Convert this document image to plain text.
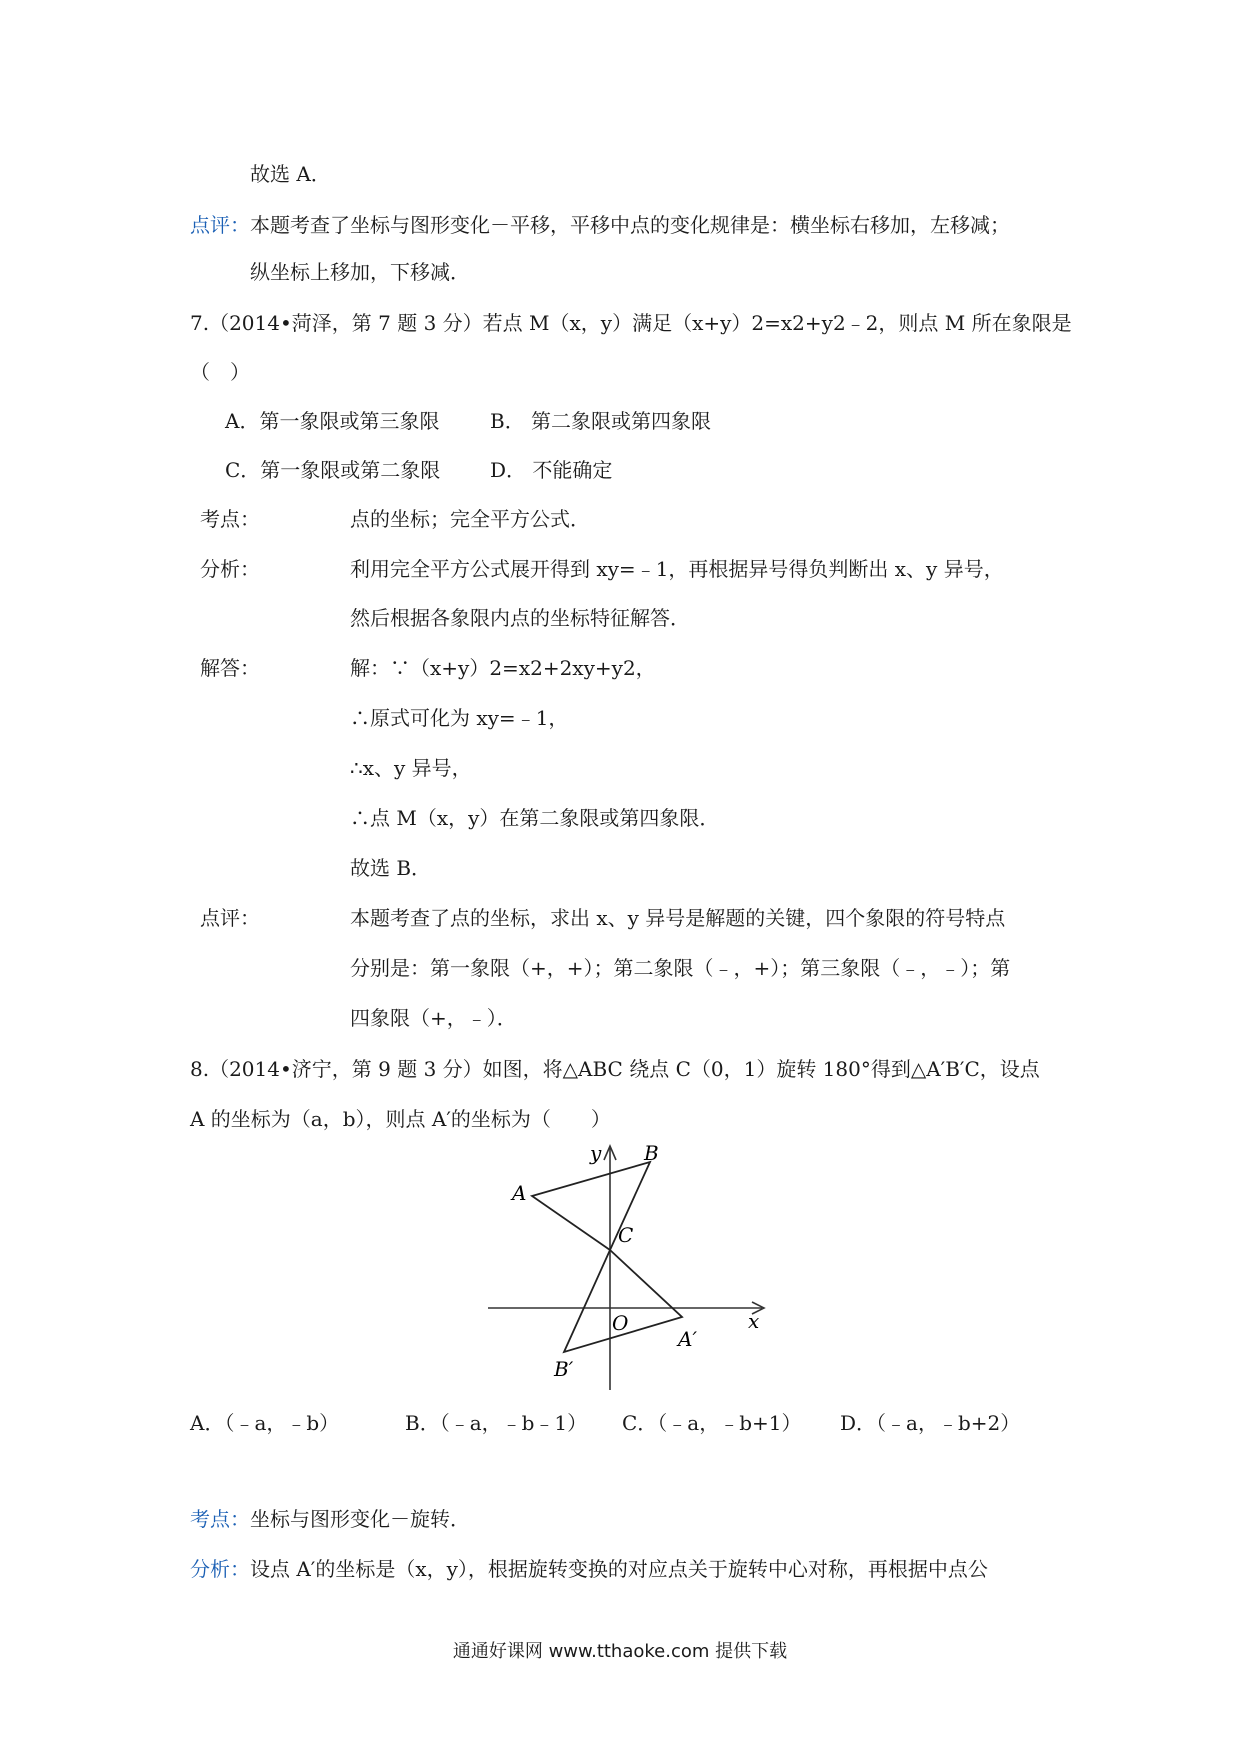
故选 A．
点评：本题考查了坐标与图形变化－平移，平移中点的变化规律是：横坐标右移加，左移减；
纵坐标上移加，下移减．
7.（2014•菏泽，第 7 题 3 分）若点 M（x，y）满足（x+y）2=x2+y2﹣2，则点 M 所在象限是
（　）
A．第一象限或第三象限	B． 第二象限或第四象限
C．第一象限或第二象限 D． 不能确定
考点：	点的坐标；完全平方公式．
分析：	利用完全平方公式展开得到 xy=﹣1，再根据异号得负判断出 x、y 异号，
然后根据各象限内点的坐标特征解答．
解答：	解：∵（x+y）2=x2+2xy+y2，
∴原式可化为 xy=﹣1，
∴x、y 异号，
∴点 M（x，y）在第二象限或第四象限．
故选 B．
点评：	本题考查了点的坐标，求出 x、y 异号是解题的关键，四个象限的符号特点
分别是：第一象限（+，+）；第二象限（﹣，+）；第三象限（﹣，﹣）；第
四象限（+，﹣）．
8.（2014•济宁，第 9 题 3 分）如图，将△ABC 绕点 C（0，1）旋转 180°得到△A′B′C，设点
A 的坐标为（a，b），则点 A′的坐标为（　　）
y
x
A
B
C
O
A′
B′
A．（﹣a，﹣b）	B．（﹣a，﹣b﹣1） C．（﹣a，﹣b+1） D．（﹣a，﹣b+2）
考点：坐标与图形变化－旋转．
分析：设点 A′的坐标是（x，y），根据旋转变换的对应点关于旋转中心对称，再根据中点公
通通好课网 www.tthaoke.com 提供下载
